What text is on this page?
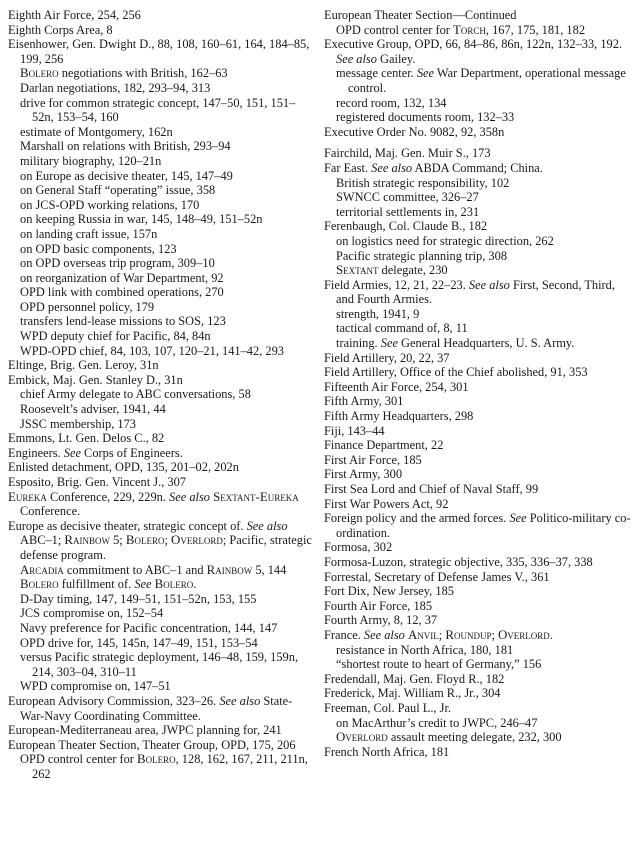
Eighth Air Force, 254, 256

Eighth Corps Area, 8

Eisenhower, Gen. Dwight D., 88, 108, 160–61, 164, 184–85, 199, 256

Bolero negotiations with British, 162–63

Darlan negotiations, 182, 293–94, 313

drive for common strategic concept, 147–50, 151, 151–52n, 153–54, 160

estimate of Montgomery, 162n

Marshall on relations with British, 293–94

military biography, 120–21n

on Europe as decisive theater, 145, 147–49

on General Staff “operating” issue, 358

on JCS-OPD working relations, 170

on keeping Russia in war, 145, 148–49, 151–52n

on landing craft issue, 157n

on OPD basic components, 123

on OPD overseas trip program, 309–10

on reorganization of War Department, 92

OPD link with combined operations, 270

OPD personnel policy, 179

transfers lend-lease missions to SOS, 123

WPD deputy chief for Pacific, 84, 84n

WPD-OPD chief, 84, 103, 107, 120–21, 141–42, 293

Eltinge, Brig. Gen. Leroy, 31n

Embick, Maj. Gen. Stanley D., 31n

chief Army delegate to ABC conversations, 58

Roosevelt’s adviser, 1941, 44

JSSC membership, 173

Emmons, Lt. Gen. Delos C., 82

Engineers. See Corps of Engineers.

Enlisted detachment, OPD, 135, 201–02, 202n

Esposito, Brig. Gen. Vincent J., 307

Eureka Conference, 229, 229n. See also Sextant-Eureka Conference.

Europe as decisive theater, strategic concept of. See also ABC–1; Rainbow 5; Bolero; Overlord; Pacific, strategic defense program.

Arcadia commitment to ABC–1 and Rainbow 5, 144

Bolero fulfillment of. See Bolero.

D-Day timing, 147, 149–51, 151–52n, 153, 155

JCS compromise on, 152–54

Navy preference for Pacific concentration, 144, 147

OPD drive for, 145, 145n, 147–49, 151, 153–54

versus Pacific strategic deployment, 146–48, 159, 159n, 214, 303–04, 310–11

WPD compromise on, 147–51

European Advisory Commission, 323–26. See also State-War-Navy Coordinating Committee.

European-Mediterraneau area, JWPC planning for, 241

European Theater Section, Theater Group, OPD, 175, 206

OPD control center for Bolero, 128, 162, 167, 211, 211n, 262

European Theater Section—Continued

OPD control center for Torch, 167, 175, 181, 182

Executive Group, OPD, 66, 84–86, 86n, 122n, 132–33, 192. See also Gailey.

message center. See War Department, operational message control.

record room, 132, 134

registered documents room, 132–33

Executive Order No. 9082, 92, 358n

Fairchild, Maj. Gen. Muir S., 173

Far East. See also ABDA Command; China.

British strategic responsibility, 102

SWNCC committee, 326–27

territorial settlements in, 231

Ferenbaugh, Col. Claude B., 182

on logistics need for strategic direction, 262

Pacific strategic planning trip, 308

Sextant delegate, 230

Field Armies, 12, 21, 22–23. See also First, Second, Third, and Fourth Armies.

strength, 1941, 9

tactical command of, 8, 11

training. See General Headquarters, U. S. Army.

Field Artillery, 20, 22, 37

Field Artillery, Office of the Chief abolished, 91, 353

Fifteenth Air Force, 254, 301

Fifth Army, 301

Fifth Army Headquarters, 298

Fiji, 143–44

Finance Department, 22

First Air Force, 185

First Army, 300

First Sea Lord and Chief of Naval Staff, 99

First War Powers Act, 92

Foreign policy and the armed forces. See Politico-military co-ordination.

Formosa, 302

Formosa-Luzon, strategic objective, 335, 336–37, 338

Forrestal, Secretary of Defense James V., 361

Fort Dix, New Jersey, 185

Fourth Air Force, 185

Fourth Army, 8, 12, 37

France. See also Anvil; Roundup; Overlord.

resistance in North Africa, 180, 181

“shortest route to heart of Germany,” 156

Fredendall, Maj. Gen. Floyd R., 182

Frederick, Maj. William R., Jr., 304

Freeman, Col. Paul L., Jr.

on MacArthur’s credit to JWPC, 246–47

Overlord assault meeting delegate, 232, 300

French North Africa, 181
